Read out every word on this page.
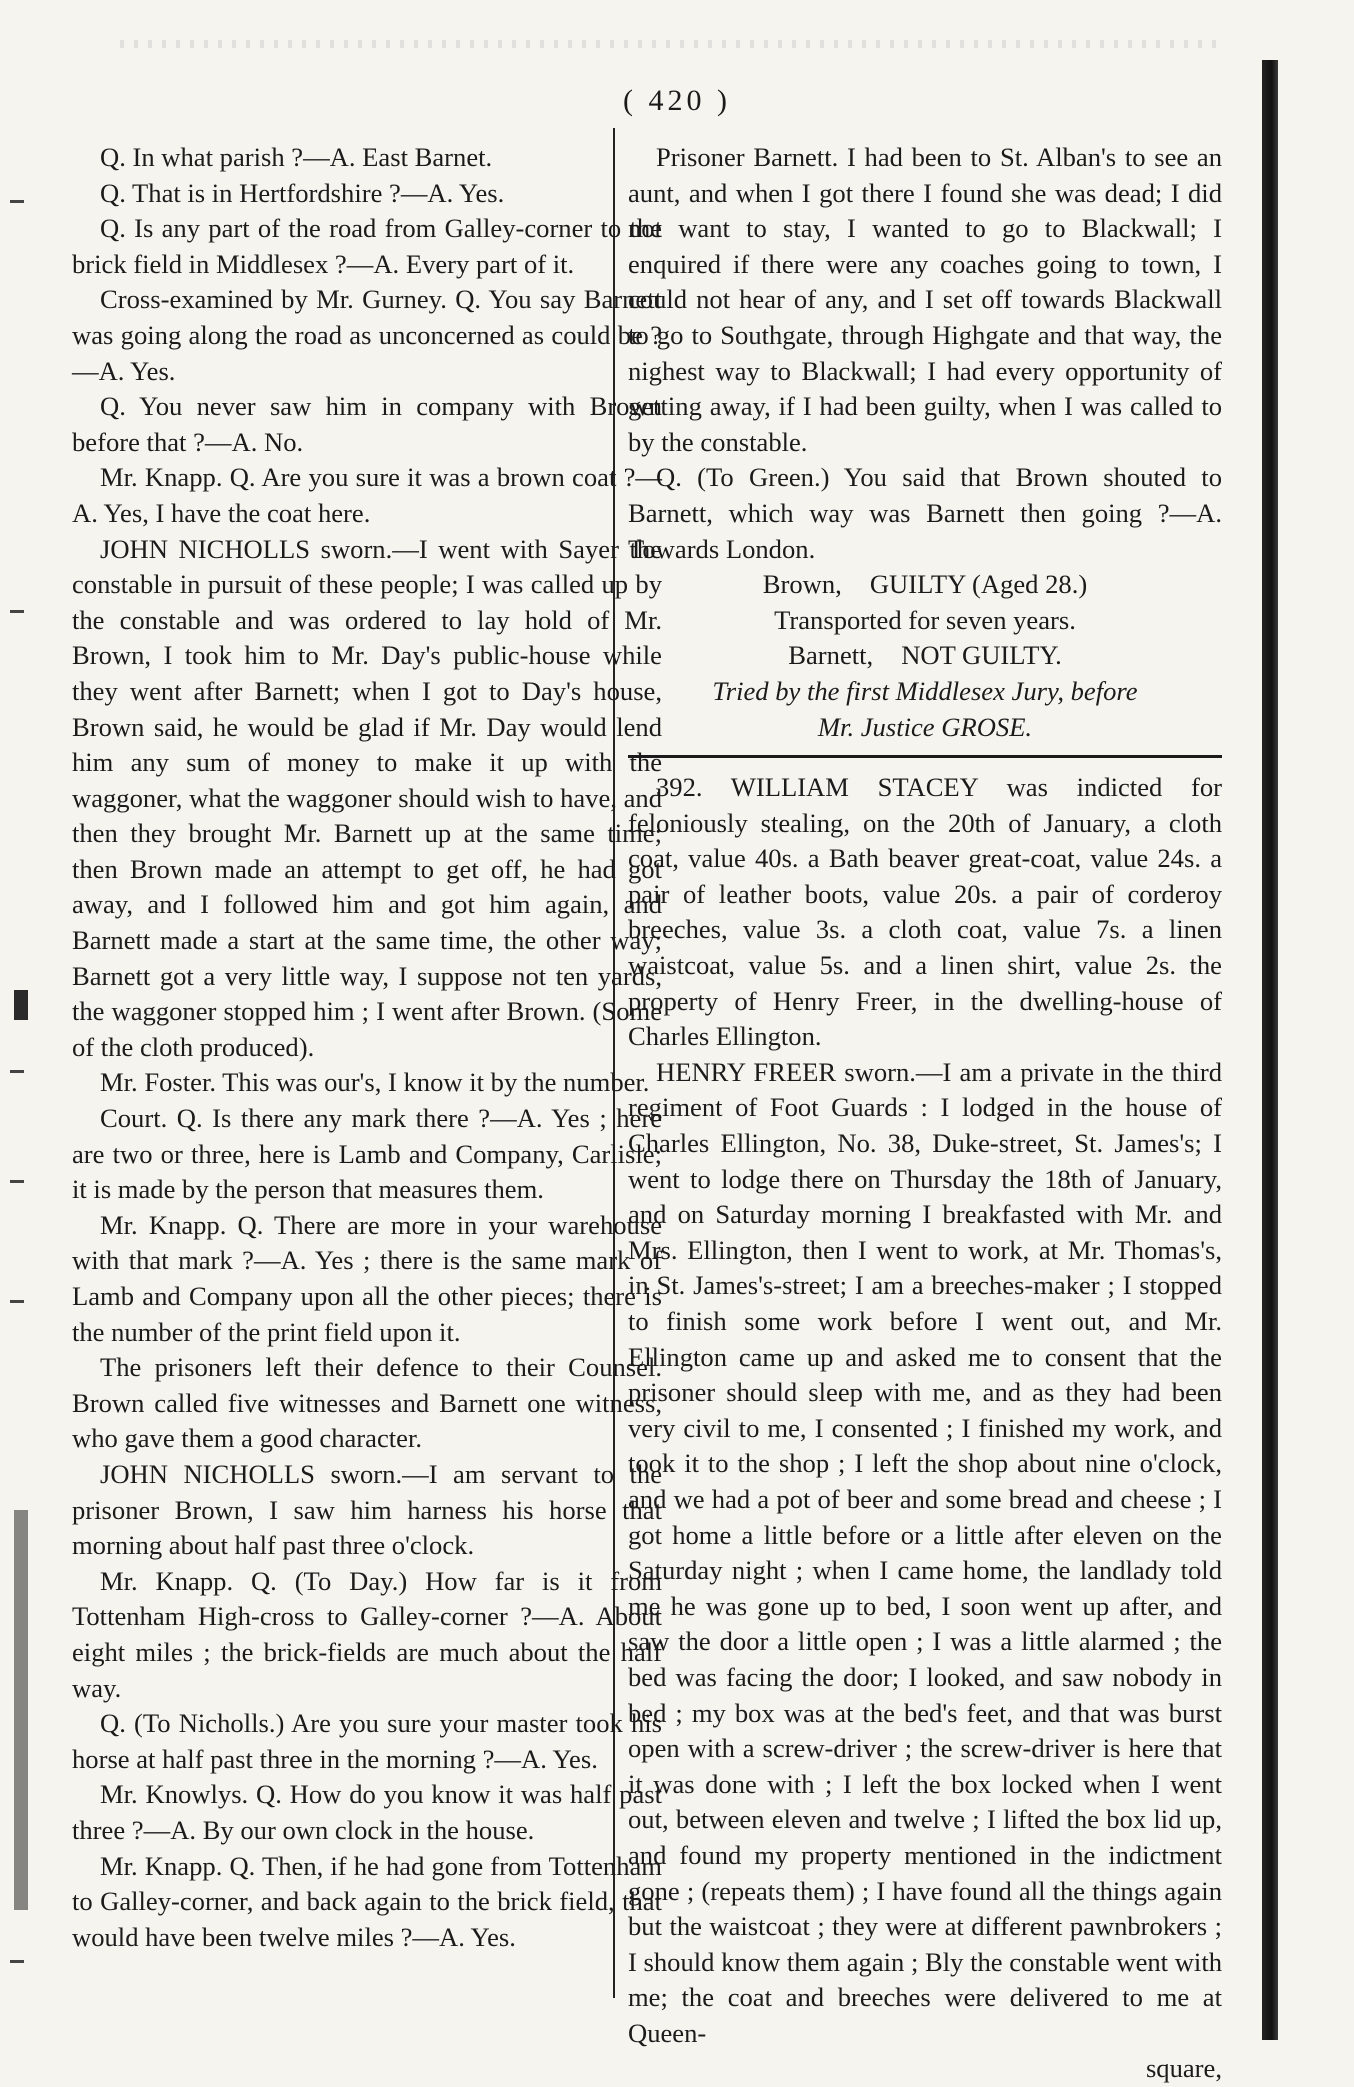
( 420 )

Q. In what parish ?—A. East Barnet.

Q. That is in Hertfordshire ?—A. Yes.

Q. Is any part of the road from Galley-corner to the brick field in Middlesex ?—A. Every part of it.

Cross-examined by Mr. Gurney. Q. You say Barnett was going along the road as unconcerned as could be ?—A. Yes.

Q. You never saw him in company with Brown before that ?—A. No.

Mr. Knapp. Q. Are you sure it was a brown coat ?—A. Yes, I have the coat here.

JOHN NICHOLLS sworn.—I went with Sayer the constable in pursuit of these people; I was called up by the constable and was ordered to lay hold of Mr. Brown, I took him to Mr. Day's public-house while they went after Barnett; when I got to Day's house, Brown said, he would be glad if Mr. Day would lend him any sum of money to make it up with the waggoner, what the waggoner should wish to have, and then they brought Mr. Barnett up at the same time; then Brown made an attempt to get off, he had got away, and I followed him and got him again, and Barnett made a start at the same time, the other way; Barnett got a very little way, I suppose not ten yards, the waggoner stopped him ; I went after Brown. (Some of the cloth produced).

Mr. Foster. This was our's, I know it by the number.

Court. Q. Is there any mark there ?—A. Yes ; here are two or three, here is Lamb and Company, Carlisle; it is made by the person that measures them.

Mr. Knapp. Q. There are more in your warehouse with that mark ?—A. Yes ; there is the same mark of Lamb and Company upon all the other pieces; there is the number of the print field upon it.

The prisoners left their defence to their Counsel. Brown called five witnesses and Barnett one witness, who gave them a good character.

JOHN NICHOLLS sworn.—I am servant to the prisoner Brown, I saw him harness his horse that morning about half past three o'clock.

Mr. Knapp. Q. (To Day.) How far is it from Tottenham High-cross to Galley-corner ?—A. About eight miles ; the brick-fields are much about the half way.

Q. (To Nicholls.) Are you sure your master took his horse at half past three in the morning ?—A. Yes.

Mr. Knowlys. Q. How do you know it was half past three ?—A. By our own clock in the house.

Mr. Knapp. Q. Then, if he had gone from Tottenham to Galley-corner, and back again to the brick field, that would have been twelve miles ?—A. Yes.

Prisoner Barnett. I had been to St. Alban's to see an aunt, and when I got there I found she was dead; I did not want to stay, I wanted to go to Blackwall; I enquired if there were any coaches going to town, I could not hear of any, and I set off towards Blackwall to go to Southgate, through Highgate and that way, the nighest way to Blackwall; I had every opportunity of getting away, if I had been guilty, when I was called to by the constable.

Q. (To Green.) You said that Brown shouted to Barnett, which way was Barnett then going ?—A. Towards London.

Brown, GUILTY (Aged 28.)

Transported for seven years.

Barnett, NOT GUILTY.

Tried by the first Middlesex Jury, before

Mr. Justice GROSE.

392. WILLIAM STACEY was indicted for feloniously stealing, on the 20th of January, a cloth coat, value 40s. a Bath beaver great-coat, value 24s. a pair of leather boots, value 20s. a pair of corderoy breeches, value 3s. a cloth coat, value 7s. a linen waistcoat, value 5s. and a linen shirt, value 2s. the property of Henry Freer, in the dwelling-house of Charles Ellington.

HENRY FREER sworn.—I am a private in the third regiment of Foot Guards : I lodged in the house of Charles Ellington, No. 38, Duke-street, St. James's; I went to lodge there on Thursday the 18th of January, and on Saturday morning I breakfasted with Mr. and Mrs. Ellington, then I went to work, at Mr. Thomas's, in St. James's-street; I am a breeches-maker ; I stopped to finish some work before I went out, and Mr. Ellington came up and asked me to consent that the prisoner should sleep with me, and as they had been very civil to me, I consented ; I finished my work, and took it to the shop ; I left the shop about nine o'clock, and we had a pot of beer and some bread and cheese ; I got home a little before or a little after eleven on the Saturday night ; when I came home, the landlady told me he was gone up to bed, I soon went up after, and saw the door a little open ; I was a little alarmed ; the bed was facing the door; I looked, and saw nobody in bed ; my box was at the bed's feet, and that was burst open with a screw-driver ; the screw-driver is here that it was done with ; I left the box locked when I went out, between eleven and twelve ; I lifted the box lid up, and found my property mentioned in the indictment gone ; (repeats them) ; I have found all the things again but the waistcoat ; they were at different pawnbrokers ; I should know them again ; Bly the constable went with me; the coat and breeches were delivered to me at Queen-

square,
